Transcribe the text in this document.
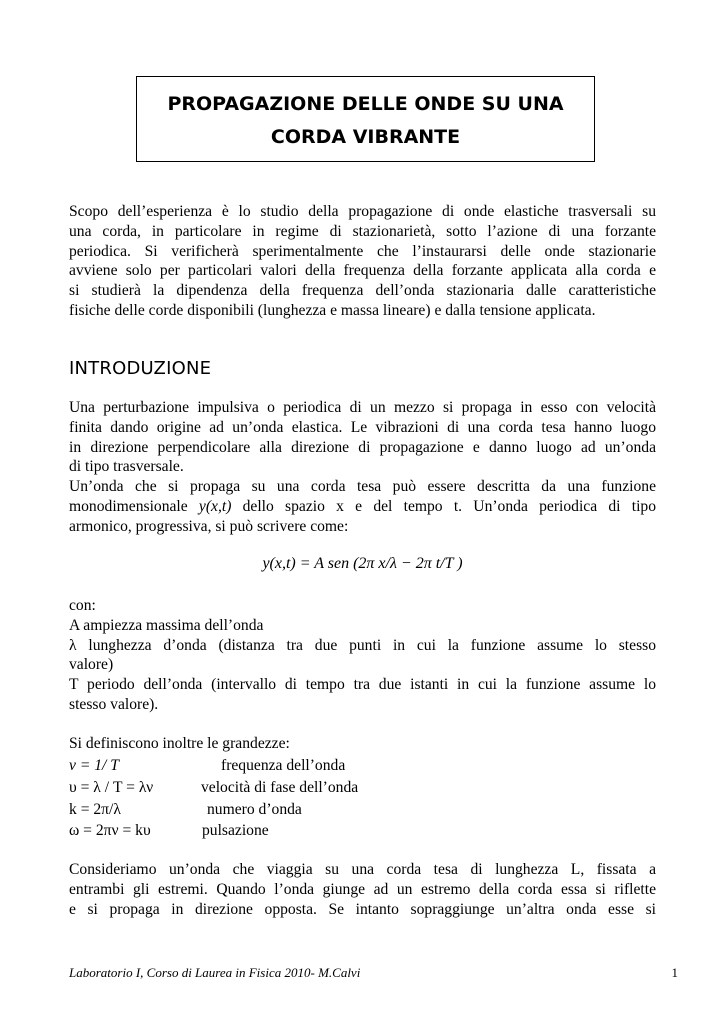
PROPAGAZIONE DELLE ONDE SU UNA
CORDA VIBRANTE
Scopo dell’esperienza è lo studio della propagazione di onde elastiche trasversali su
una corda, in particolare in regime di stazionarietà, sotto l’azione di una forzante
periodica. Si verificherà sperimentalmente che l’instaurarsi delle onde stazionarie
avviene solo per particolari valori della frequenza della forzante applicata alla corda e
si studierà la dipendenza della frequenza dell’onda stazionaria dalle caratteristiche
fisiche delle corde disponibili (lunghezza e massa lineare) e dalla tensione applicata.
INTRODUZIONE
Una perturbazione impulsiva o periodica di un mezzo si propaga in esso con velocità
finita dando origine ad un’onda elastica. Le vibrazioni di una corda tesa hanno luogo
in direzione perpendicolare alla direzione di propagazione e danno luogo ad un’onda
di tipo trasversale.
Un’onda che si propaga su una corda tesa può essere descritta da una funzione
monodimensionale y(x,t) dello spazio x e del tempo t. Un’onda periodica di tipo
armonico, progressiva, si può scrivere come:
y(x,t) = A sen (2π x/λ − 2π t/T )
con:
A ampiezza massima dell’onda
λ lunghezza d’onda (distanza tra due punti in cui la funzione assume lo stesso
valore)
T periodo dell’onda (intervallo di tempo tra due istanti in cui la funzione assume lo
stesso valore).
Si definiscono inoltre le grandezze:
ν = 1/ T	frequenza dell’onda
υ = λ / T = λν	velocità di fase dell’onda
k = 2π/λ	numero d’onda
ω = 2πν = kυ	pulsazione
Consideriamo un’onda che viaggia su una corda tesa di lunghezza L, fissata a
entrambi gli estremi. Quando l’onda giunge ad un estremo della corda essa si riflette
e si propaga in direzione opposta. Se intanto sopraggiunge un’altra onda esse si
Laboratorio I, Corso di Laurea in Fisica 2010- M.Calvi	1
